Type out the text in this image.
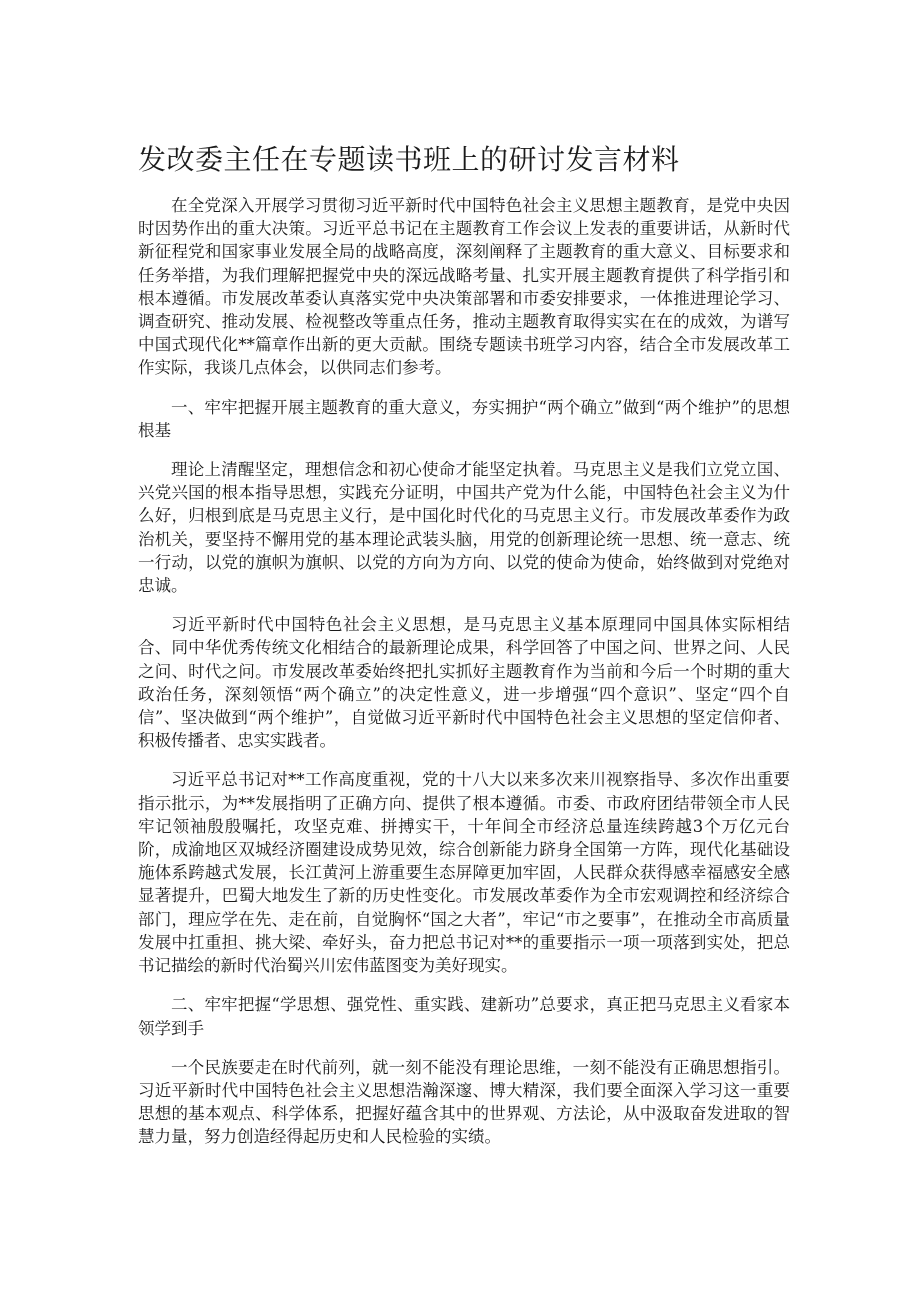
发改委主任在专题读书班上的研讨发言材料

在全党深入开展学习贯彻习近平新时代中国特色社会主义思想主题教育，是党中央因时因势作出的重大决策。习近平总书记在主题教育工作会议上发表的重要讲话，从新时代新征程党和国家事业发展全局的战略高度，深刻阐释了主题教育的重大意义、目标要求和任务举措，为我们理解把握党中央的深远战略考量、扎实开展主题教育提供了科学指引和根本遵循。市发展改革委认真落实党中央决策部署和市委安排要求，一体推进理论学习、调查研究、推动发展、检视整改等重点任务，推动主题教育取得实实在在的成效，为谱写中国式现代化**篇章作出新的更大贡献。围绕专题读书班学习内容，结合全市发展改革工作实际，我谈几点体会，以供同志们参考。

一、牢牢把握开展主题教育的重大意义，夯实拥护“两个确立”做到“两个维护”的思想根基

理论上清醒坚定，理想信念和初心使命才能坚定执着。马克思主义是我们立党立国、兴党兴国的根本指导思想，实践充分证明，中国共产党为什么能，中国特色社会主义为什么好，归根到底是马克思主义行，是中国化时代化的马克思主义行。市发展改革委作为政治机关，要坚持不懈用党的基本理论武装头脑，用党的创新理论统一思想、统一意志、统一行动，以党的旗帜为旗帜、以党的方向为方向、以党的使命为使命，始终做到对党绝对忠诚。

习近平新时代中国特色社会主义思想，是马克思主义基本原理同中国具体实际相结合、同中华优秀传统文化相结合的最新理论成果，科学回答了中国之问、世界之问、人民之问、时代之问。市发展改革委始终把扎实抓好主题教育作为当前和今后一个时期的重大政治任务，深刻领悟“两个确立”的决定性意义，进一步增强“四个意识”、坚定“四个自信”、坚决做到“两个维护”，自觉做习近平新时代中国特色社会主义思想的坚定信仰者、积极传播者、忠实实践者。

习近平总书记对**工作高度重视，党的十八大以来多次来川视察指导、多次作出重要指示批示，为**发展指明了正确方向、提供了根本遵循。市委、市政府团结带领全市人民牢记领袖殷殷嘱托，攻坚克难、拼搏实干，十年间全市经济总量连续跨越3个万亿元台阶，成渝地区双城经济圈建设成势见效，综合创新能力跻身全国第一方阵，现代化基础设施体系跨越式发展，长江黄河上游重要生态屏障更加牢固，人民群众获得感幸福感安全感显著提升，巴蜀大地发生了新的历史性变化。市发展改革委作为全市宏观调控和经济综合部门，理应学在先、走在前，自觉胸怀“国之大者”，牢记“市之要事”，在推动全市高质量发展中扛重担、挑大梁、牵好头，奋力把总书记对**的重要指示一项一项落到实处，把总书记描绘的新时代治蜀兴川宏伟蓝图变为美好现实。

二、牢牢把握“学思想、强党性、重实践、建新功”总要求，真正把马克思主义看家本领学到手

一个民族要走在时代前列，就一刻不能没有理论思维，一刻不能没有正确思想指引。习近平新时代中国特色社会主义思想浩瀚深邃、博大精深，我们要全面深入学习这一重要思想的基本观点、科学体系，把握好蕴含其中的世界观、方法论，从中汲取奋发进取的智慧力量，努力创造经得起历史和人民检验的实绩。
